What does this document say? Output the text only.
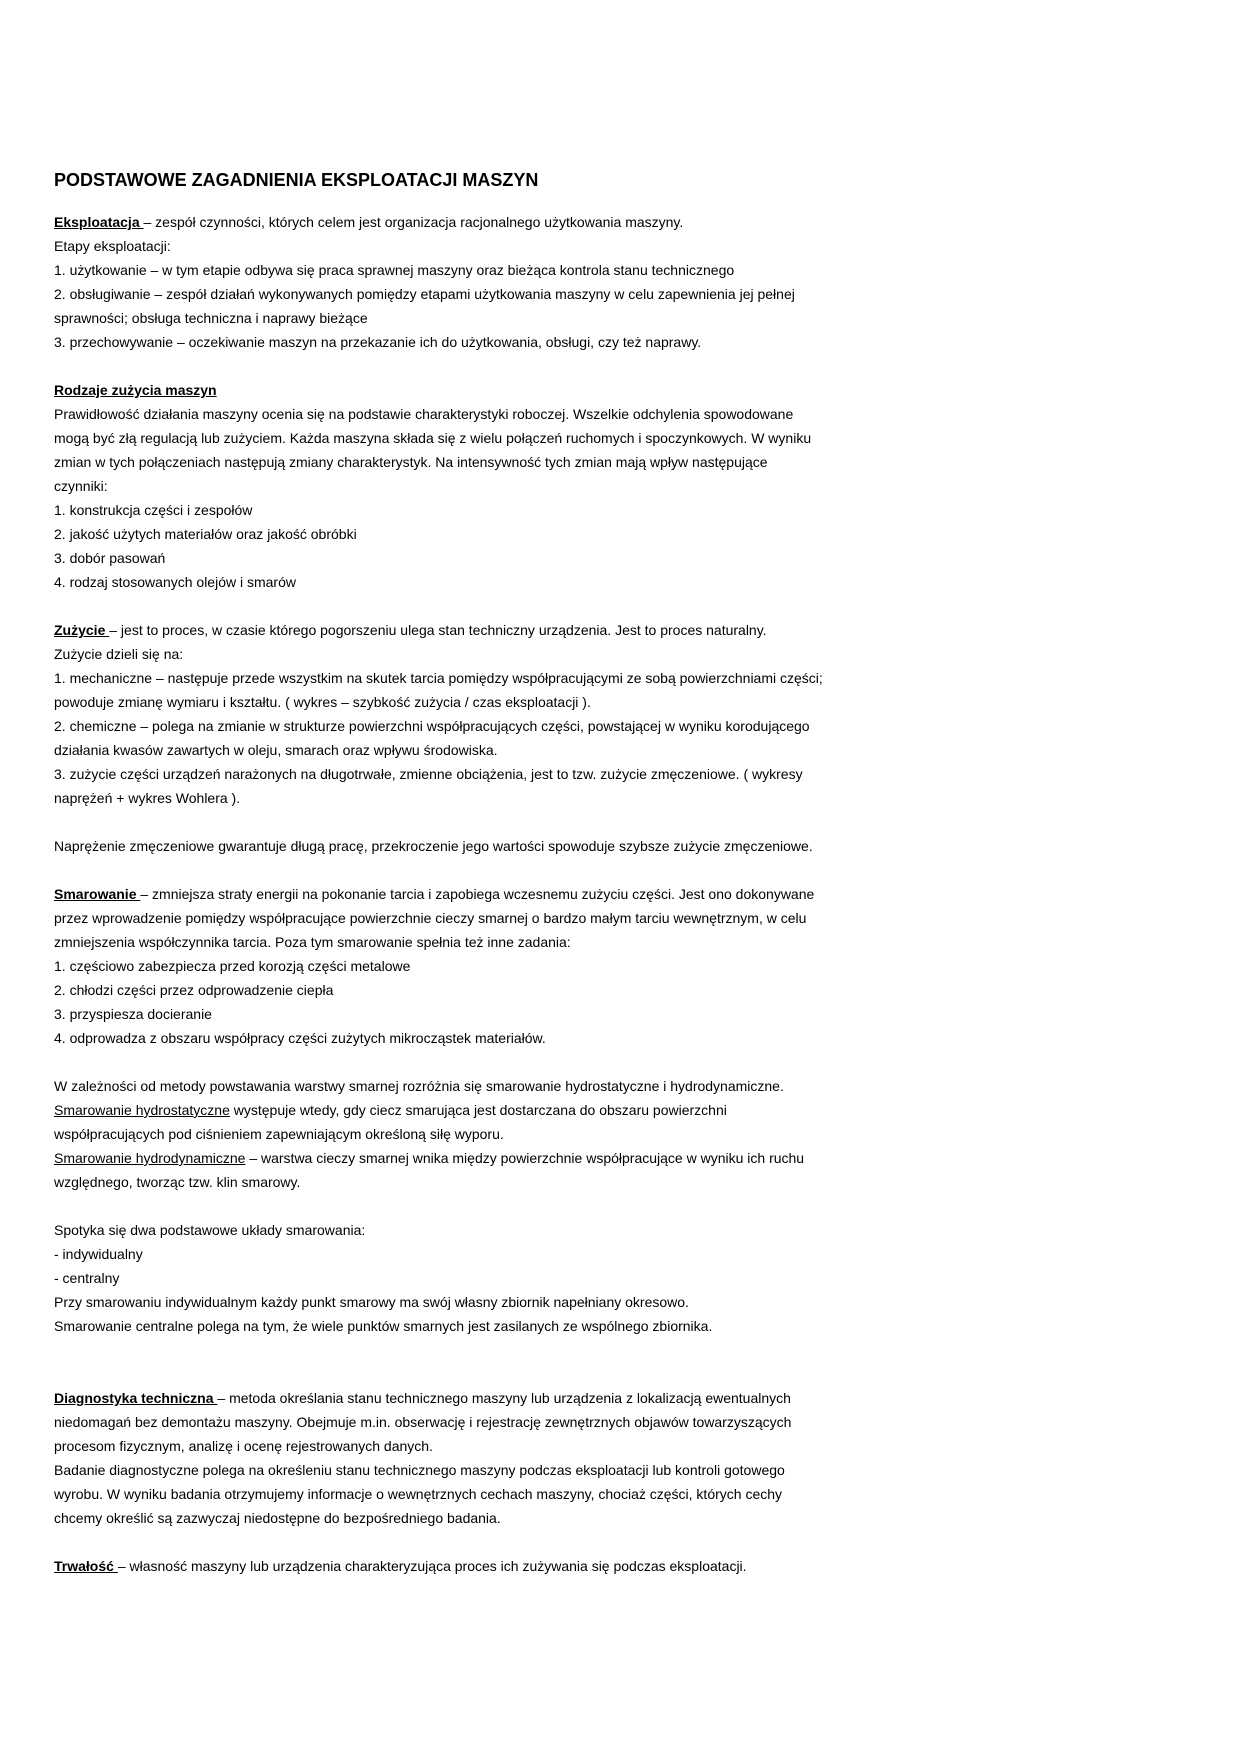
PODSTAWOWE ZAGADNIENIA EKSPLOATACJI MASZYN
Eksploatacja – zespół czynności, których celem jest organizacja racjonalnego użytkowania maszyny.
Etapy eksploatacji:
1. użytkowanie – w tym etapie odbywa się praca sprawnej maszyny oraz bieżąca kontrola stanu technicznego
2. obsługiwanie – zespół działań wykonywanych pomiędzy etapami użytkowania maszyny w celu zapewnienia jej pełnej
sprawności; obsługa techniczna i naprawy bieżące
3. przechowywanie – oczekiwanie maszyn na przekazanie ich do użytkowania, obsługi, czy też naprawy.
Rodzaje zużycia maszyn
Prawidłowość działania maszyny ocenia się na podstawie charakterystyki roboczej. Wszelkie odchylenia spowodowane
mogą być złą regulacją lub zużyciem. Każda maszyna składa się z wielu połączeń ruchomych i spoczynkowych. W wyniku
zmian w tych połączeniach następują zmiany charakterystyk. Na intensywność tych zmian mają wpływ następujące
czynniki:
1. konstrukcja części i zespołów
2. jakość użytych materiałów oraz jakość obróbki
3. dobór pasowań
4. rodzaj stosowanych olejów i smarów
Zużycie – jest to proces, w czasie którego pogorszeniu ulega stan techniczny urządzenia. Jest to proces naturalny.
Zużycie dzieli się na:
1. mechaniczne – następuje przede wszystkim na skutek tarcia pomiędzy współpracującymi ze sobą powierzchniami części;
powoduje zmianę wymiaru i kształtu. ( wykres – szybkość zużycia / czas eksploatacji ).
2. chemiczne – polega na zmianie w strukturze powierzchni współpracujących części, powstającej w wyniku korodującego
działania kwasów zawartych w oleju, smarach oraz wpływu środowiska.
3. zużycie części urządzeń narażonych na długotrwałe, zmienne obciążenia, jest to tzw. zużycie zmęczeniowe. ( wykresy
naprężeń + wykres Wohlera ).
Naprężenie zmęczeniowe gwarantuje długą pracę, przekroczenie jego wartości spowoduje szybsze zużycie zmęczeniowe.
Smarowanie – zmniejsza straty energii na pokonanie tarcia i zapobiega wczesnemu zużyciu części. Jest ono dokonywane
przez wprowadzenie pomiędzy współpracujące powierzchnie cieczy smarnej o bardzo małym tarciu wewnętrznym, w celu
zmniejszenia współczynnika tarcia. Poza tym smarowanie spełnia też inne zadania:
1. częściowo zabezpiecza przed korozją części metalowe
2. chłodzi części przez odprowadzenie ciepła
3. przyspiesza docieranie
4. odprowadza z obszaru współpracy części zużytych mikrocząstek materiałów.
W zależności od metody powstawania warstwy smarnej rozróżnia się smarowanie hydrostatyczne i hydrodynamiczne.
Smarowanie hydrostatyczne występuje wtedy, gdy ciecz smarująca jest dostarczana do obszaru powierzchni
współpracujących pod ciśnieniem zapewniającym określoną siłę wyporu.
Smarowanie hydrodynamiczne – warstwa cieczy smarnej wnika między powierzchnie współpracujące w wyniku ich ruchu
względnego, tworząc tzw. klin smarowy.
Spotyka się dwa podstawowe układy smarowania:
- indywidualny
- centralny
Przy smarowaniu indywidualnym każdy punkt smarowy ma swój własny zbiornik napełniany okresowo.
Smarowanie centralne polega na tym, że wiele punktów smarnych jest zasilanych ze wspólnego zbiornika.
Diagnostyka techniczna – metoda określania stanu technicznego maszyny lub urządzenia z lokalizacją ewentualnych
niedomagań bez demontażu maszyny. Obejmuje m.in. obserwację i rejestrację zewnętrznych objawów towarzyszących
procesom fizycznym, analizę i ocenę rejestrowanych danych.
Badanie diagnostyczne polega na określeniu stanu technicznego maszyny podczas eksploatacji lub kontroli gotowego
wyrobu. W wyniku badania otrzymujemy informacje o wewnętrznych cechach maszyny, chociaż części, których cechy
chcemy określić są zazwyczaj niedostępne do bezpośredniego badania.
Trwałość – własność maszyny lub urządzenia charakteryzująca proces ich zużywania się podczas eksploatacji.
